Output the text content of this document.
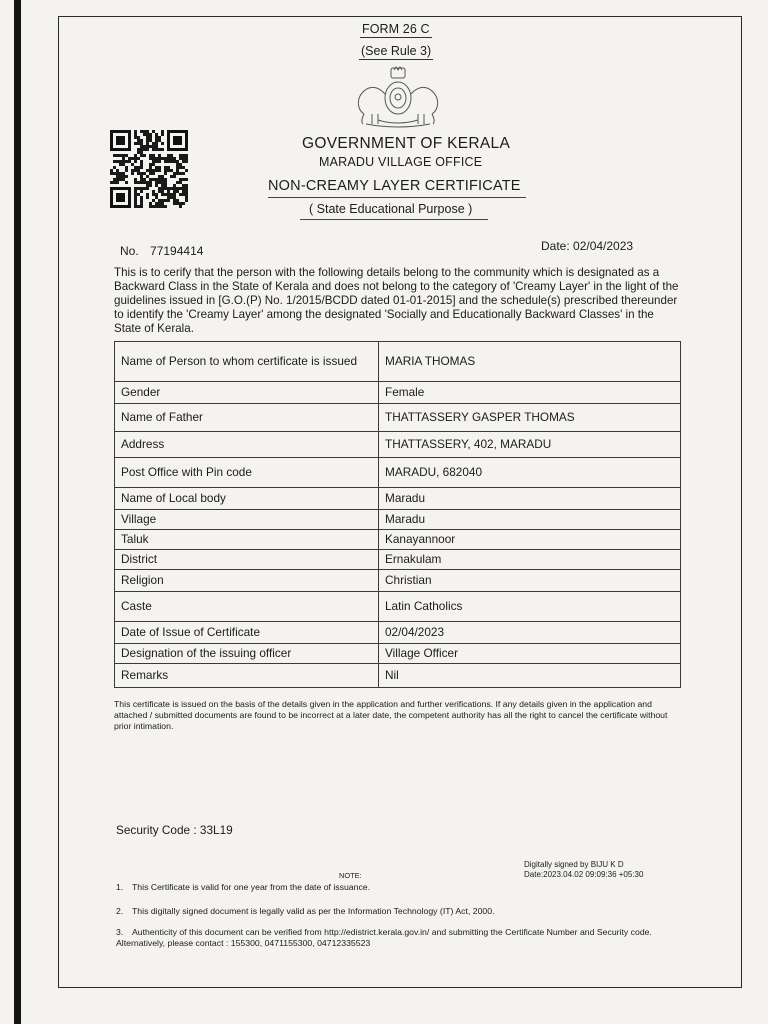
FORM 26 C
(See Rule 3)
GOVERNMENT OF KERALA
MARADU VILLAGE OFFICE
NON-CREAMY LAYER CERTIFICATE
( State Educational Purpose )
No. 77194414	Date: 02/04/2023
This is to cerify that the person with the following details belong to the community which is designated as a Backward Class in the State of Kerala and does not belong to the category of 'Creamy Layer' in the light of the guidelines issued in [G.O.(P) No. 1/2015/BCDD dated 01-01-2015] and the schedule(s) prescribed thereunder to identify the 'Creamy Layer' among the designated 'Socially and Educationally Backward Classes' in the State of Kerala.
Name of Person to whom certificate is issued	MARIA THOMAS
Gender	Female
Name of Father	THATTASSERY GASPER THOMAS
Address	THATTASSERY, 402, MARADU
Post Office with Pin code	MARADU, 682040
Name of Local body	Maradu
Village	Maradu
Taluk	Kanayannoor
District	Ernakulam
Religion	Christian
Caste	Latin Catholics
Date of Issue of Certificate	02/04/2023
Designation of the issuing officer	Village Officer
Remarks	Nil
This certificate is issued on the basis of the details given in the application and further verifications. If any details given in the application and attached / submitted documents are found to be incorrect at a later date, the competent authority has all the right to cancel the certificate without prior intimation.
Security Code : 33L19
Digitally signed by BIJU K D
Date:2023.04.02 09:09:36 +05:30
NOTE:
1. This Certificate is valid for one year from the date of issuance.
2. This digitally signed document is legally valid as per the Information Technology (IT) Act, 2000.
3. Authenticity of this document can be verified from http://edistrict.kerala.gov.in/ and submitting the Certificate Number and Security code. Alternatively, please contact : 155300, 0471155300, 04712335523
